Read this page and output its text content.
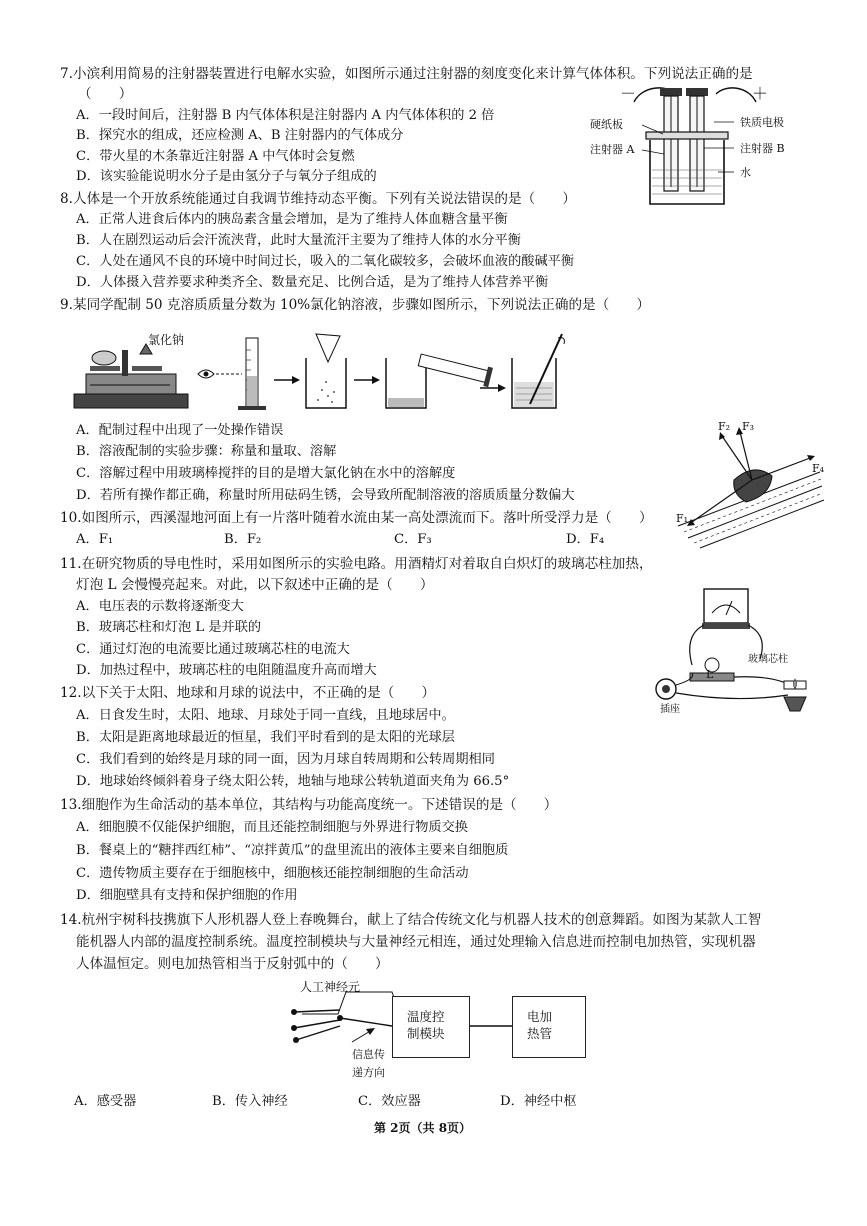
7.小滨利用简易的注射器装置进行电解水实验，如图所示通过注射器的刻度变化来计算气体体积。下列说法正确的是
（　　）
A．一段时间后，注射器 B 内气体体积是注射器内 A 内气体体积的 2 倍
B．探究水的组成，还应检测 A、B 注射器内的气体成分
C．带火星的木条靠近注射器 A 中气体时会复燃
D．该实验能说明水分子是由氢分子与氧分子组成的
－	＋
硬纸板	铁质电极
注射器 A	注射器 B
水
8.人体是一个开放系统能通过自我调节维持动态平衡。下列有关说法错误的是（　　）
A．正常人进食后体内的胰岛素含量会增加，是为了维持人体血糖含量平衡
B．人在剧烈运动后会汗流浃背，此时大量流汗主要为了维持人体的水分平衡
C．人处在通风不良的环境中时间过长，吸入的二氧化碳较多，会破坏血液的酸碱平衡
D．人体摄入营养要求种类齐全、数量充足、比例合适，是为了维持人体营养平衡
9.某同学配制 50 克溶质质量分数为 10%氯化钠溶液，步骤如图所示，下列说法正确的是（　　）
氯化钠
A．配制过程中出现了一处操作错误
B．溶液配制的实验步骤：称量和量取、溶解
C．溶解过程中用玻璃棒搅拌的目的是增大氯化钠在水中的溶解度
D．若所有操作都正确，称量时所用砝码生锈，会导致所配制溶液的溶质质量分数偏大
F₂ F₃
F₄
F₁
10.如图所示，西溪湿地河面上有一片落叶随着水流由某一高处漂流而下。落叶所受浮力是（　　）
A．F₁	B．F₂	C．F₃	D．F₄
11.在研究物质的导电性时，采用如图所示的实验电路。用酒精灯对着取自白炽灯的玻璃芯柱加热，
灯泡 L 会慢慢亮起来。对此，以下叙述中正确的是（　　）
A．电压表的示数将逐渐变大
B．玻璃芯柱和灯泡 L 是并联的
C．通过灯泡的电流要比通过玻璃芯柱的电流大
D．加热过程中，玻璃芯柱的电阻随温度升高而增大
玻璃芯柱
L
插座
12.以下关于太阳、地球和月球的说法中，不正确的是（　　）
A．日食发生时，太阳、地球、月球处于同一直线，且地球居中。
B．太阳是距离地球最近的恒星，我们平时看到的是太阳的光球层
C．我们看到的始终是月球的同一面，因为月球自转周期和公转周期相同
D．地球始终倾斜着身子绕太阳公转，地轴与地球公转轨道面夹角为 66.5°
13.细胞作为生命活动的基本单位，其结构与功能高度统一。下述错误的是（　　）
A．细胞膜不仅能保护细胞，而且还能控制细胞与外界进行物质交换
B．餐桌上的“糖拌西红柿”、“凉拌黄瓜”的盘里流出的液体主要来自细胞质
C．遗传物质主要存在于细胞核中，细胞核还能控制细胞的生命活动
D．细胞壁具有支持和保护细胞的作用
14.杭州宇树科技携旗下人形机器人登上春晚舞台，献上了结合传统文化与机器人技术的创意舞蹈。如图为某款人工智
能机器人内部的温度控制系统。温度控制模块与大量神经元相连，通过处理输入信息进而控制电加热管，实现机器
人体温恒定。则电加热管相当于反射弧中的（　　）
人工神经元
温度控
制模块
电加
热管
信息传
递方向
A．感受器	B．传入神经	C．效应器	D．神经中枢
第 2页（共 8页）
